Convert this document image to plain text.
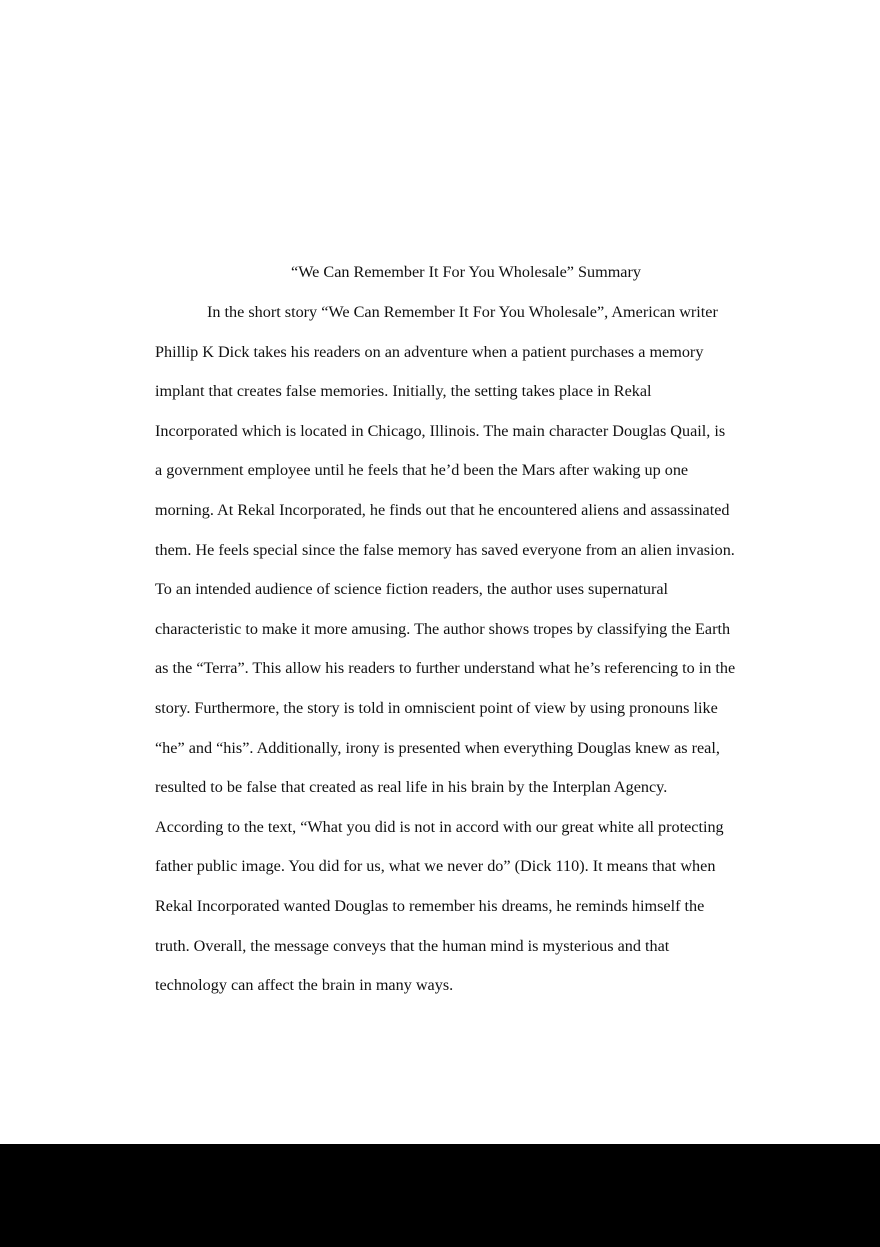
“We Can Remember It For You Wholesale” Summary
In the short story “We Can Remember It For You Wholesale”, American writer
Phillip K Dick takes his readers on an adventure when a patient purchases a memory
implant that creates false memories. Initially, the setting takes place in Rekal
Incorporated which is located in Chicago, Illinois. The main character Douglas Quail, is
a government employee until he feels that he’d been the Mars after waking up one
morning. At Rekal Incorporated, he finds out that he encountered aliens and assassinated
them. He feels special since the false memory has saved everyone from an alien invasion.
To an intended audience of science fiction readers, the author uses supernatural
characteristic to make it more amusing. The author shows tropes by classifying the Earth
as the “Terra”. This allow his readers to further understand what he’s referencing to in the
story. Furthermore, the story is told in omniscient point of view by using pronouns like
“he” and “his”. Additionally, irony is presented when everything Douglas knew as real,
resulted to be false that created as real life in his brain by the Interplan Agency.
According to the text, “What you did is not in accord with our great white all protecting
father public image. You did for us, what we never do” (Dick 110). It means that when
Rekal Incorporated wanted Douglas to remember his dreams, he reminds himself the
truth. Overall, the message conveys that the human mind is mysterious and that
technology can affect the brain in many ways.
